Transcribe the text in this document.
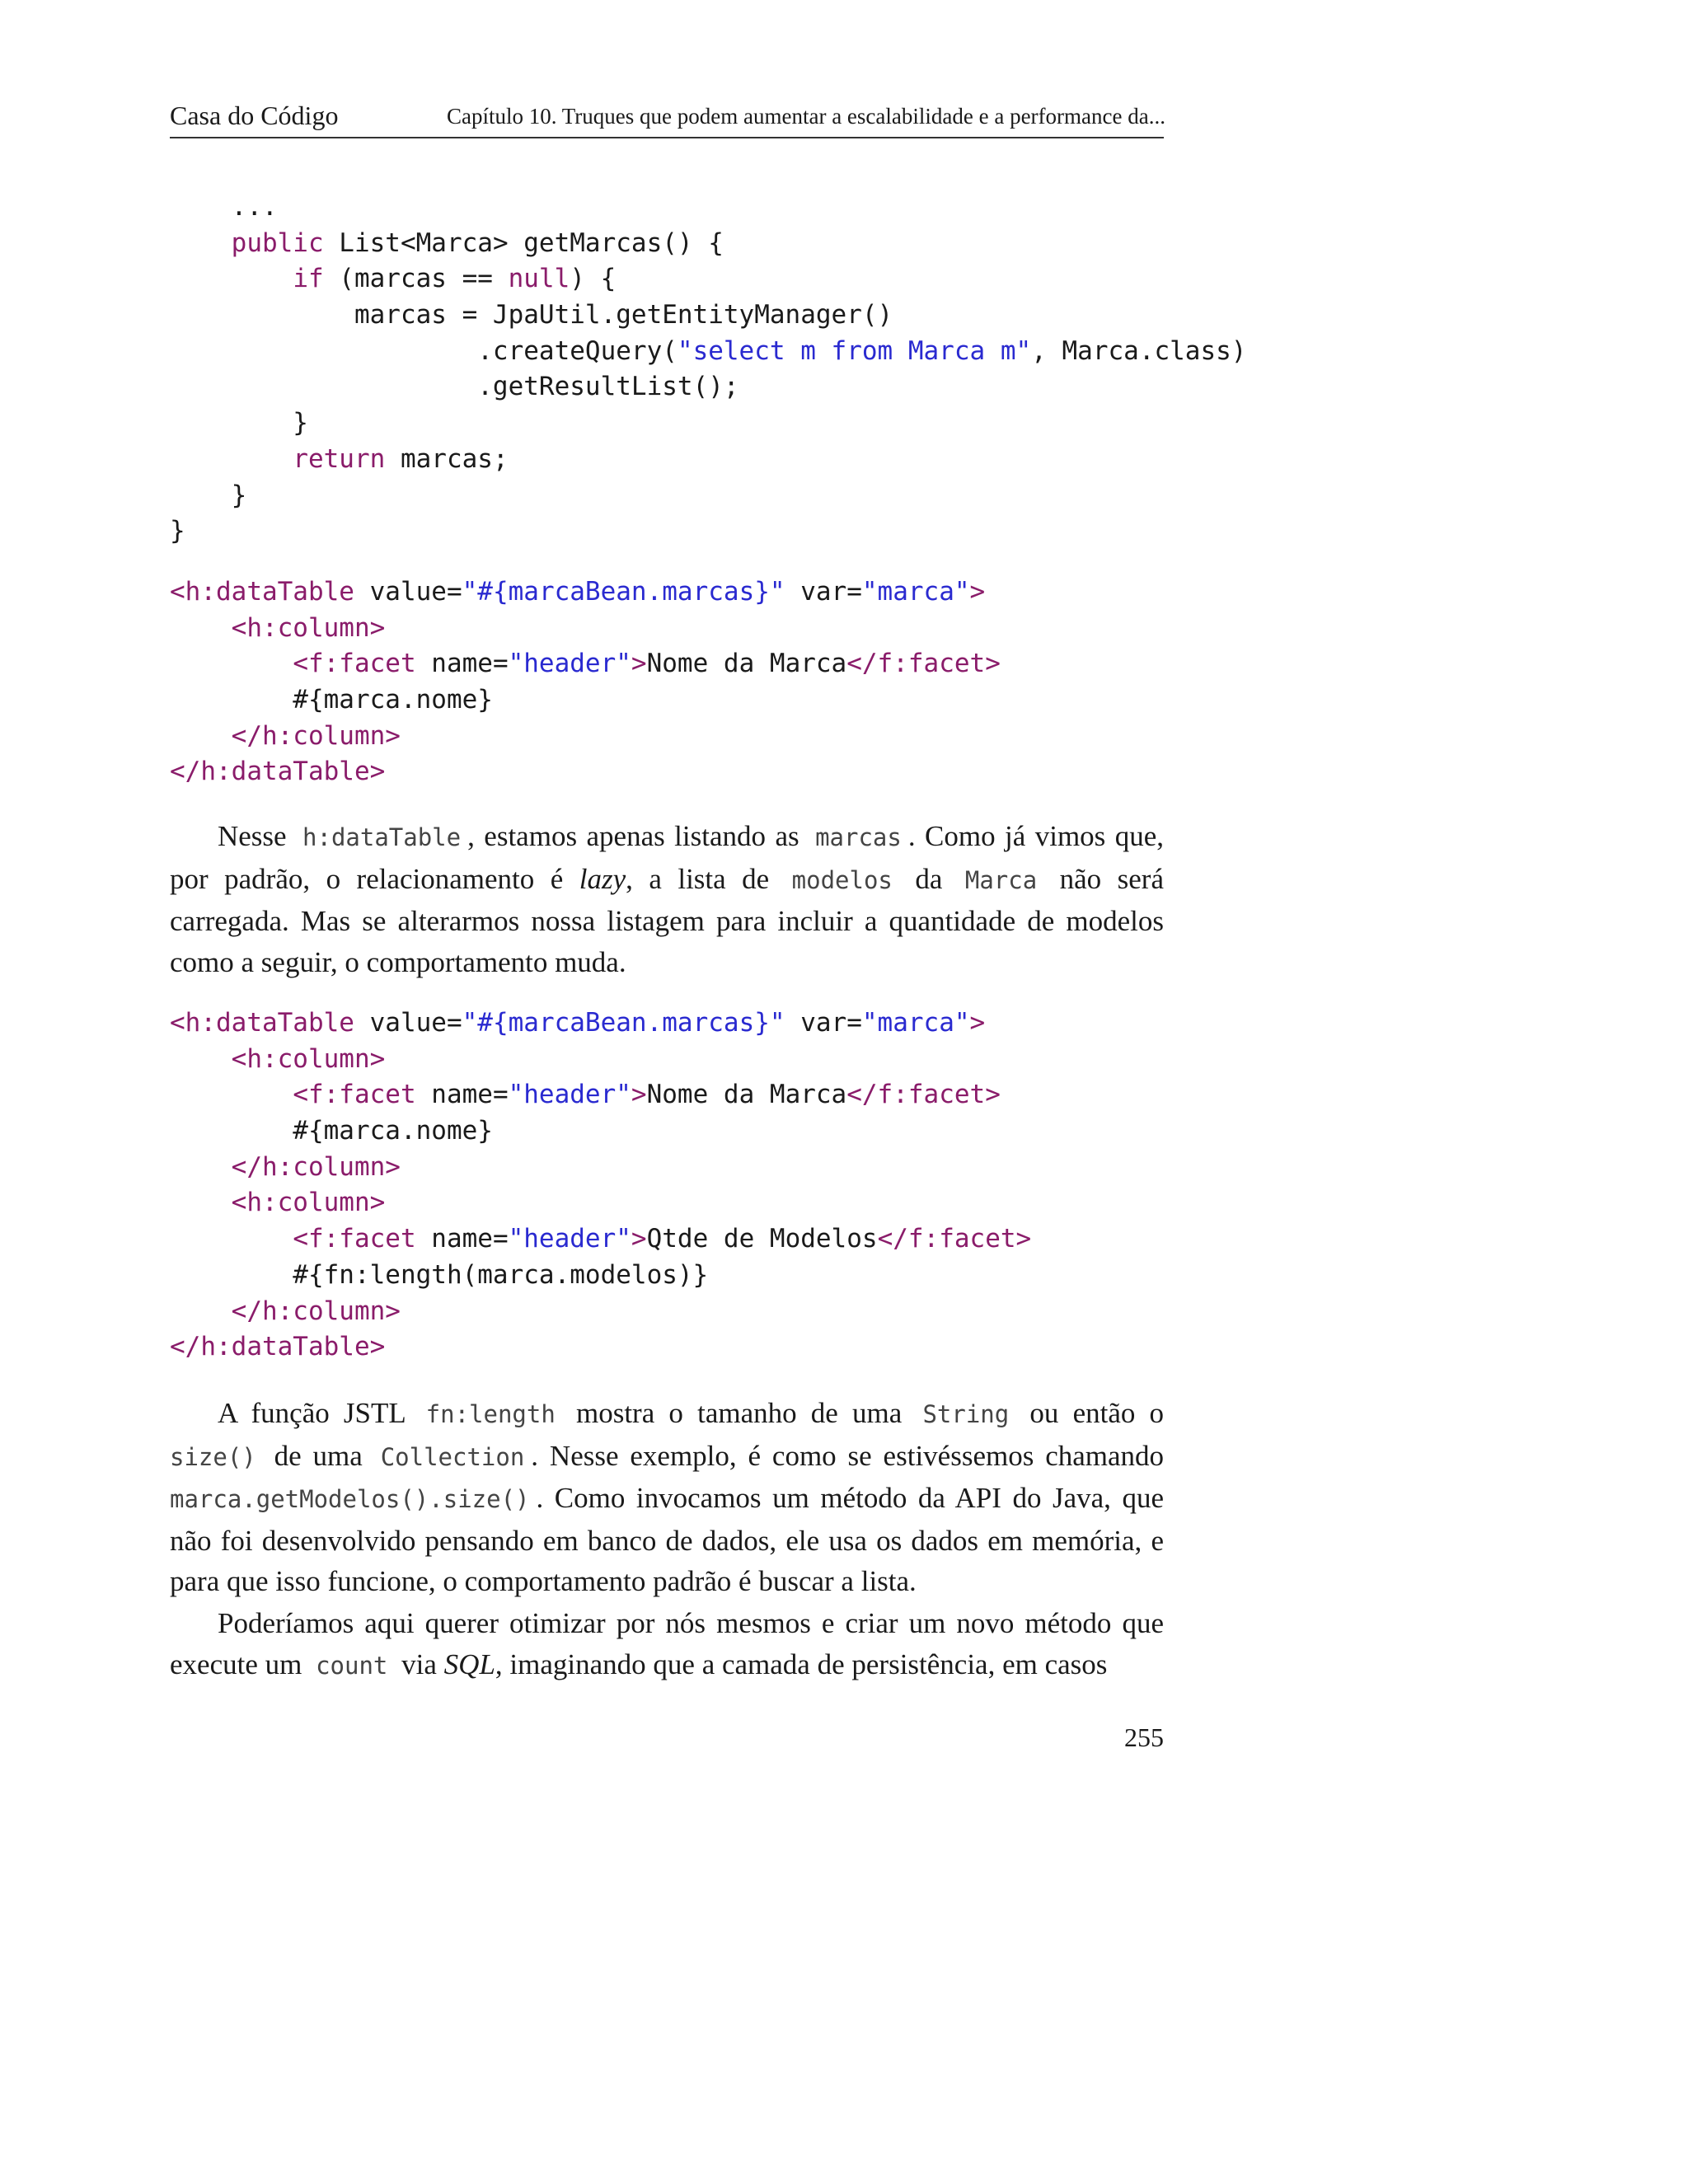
Casa do Código	Capítulo 10. Truques que podem aumentar a escalabilidade e a performance da...
...
public List<Marca> getMarcas() {
if (marcas == null) {
marcas = JpaUtil.getEntityManager()
.createQuery("select m from Marca m", Marca.class)
.getResultList();
}
return marcas;
}
}
<h:dataTable value="#{marcaBean.marcas}" var="marca">
<h:column>
<f:facet name="header">Nome da Marca</f:facet>
#{marca.nome}
</h:column>
</h:dataTable>

Nesse h:dataTable , estamos apenas listando as marcas . Como já vimos que, por padrão, o relacionamento é lazy, a lista de modelos da Marca não será carregada. Mas se alterarmos nossa listagem para incluir a quantidade de modelos como a seguir, o comportamento muda.

<h:dataTable value="#{marcaBean.marcas}" var="marca">
<h:column>
<f:facet name="header">Nome da Marca</f:facet>
#{marca.nome}
</h:column>
<h:column>
<f:facet name="header">Qtde de Modelos</f:facet>
#{fn:length(marca.modelos)}
</h:column>
</h:dataTable>

A função JSTL fn:length mostra o tamanho de uma String ou então o size() de uma Collection . Nesse exemplo, é como se estivéssemos chamando marca.getModelos().size() . Como invocamos um método da API do Java, que não foi desenvolvido pensando em banco de dados, ele usa os dados em memória, e para que isso funcione, o comportamento padrão é buscar a lista.

Poderíamos aqui querer otimizar por nós mesmos e criar um novo método que execute um count via SQL, imaginando que a camada de persistência, em casos

255
